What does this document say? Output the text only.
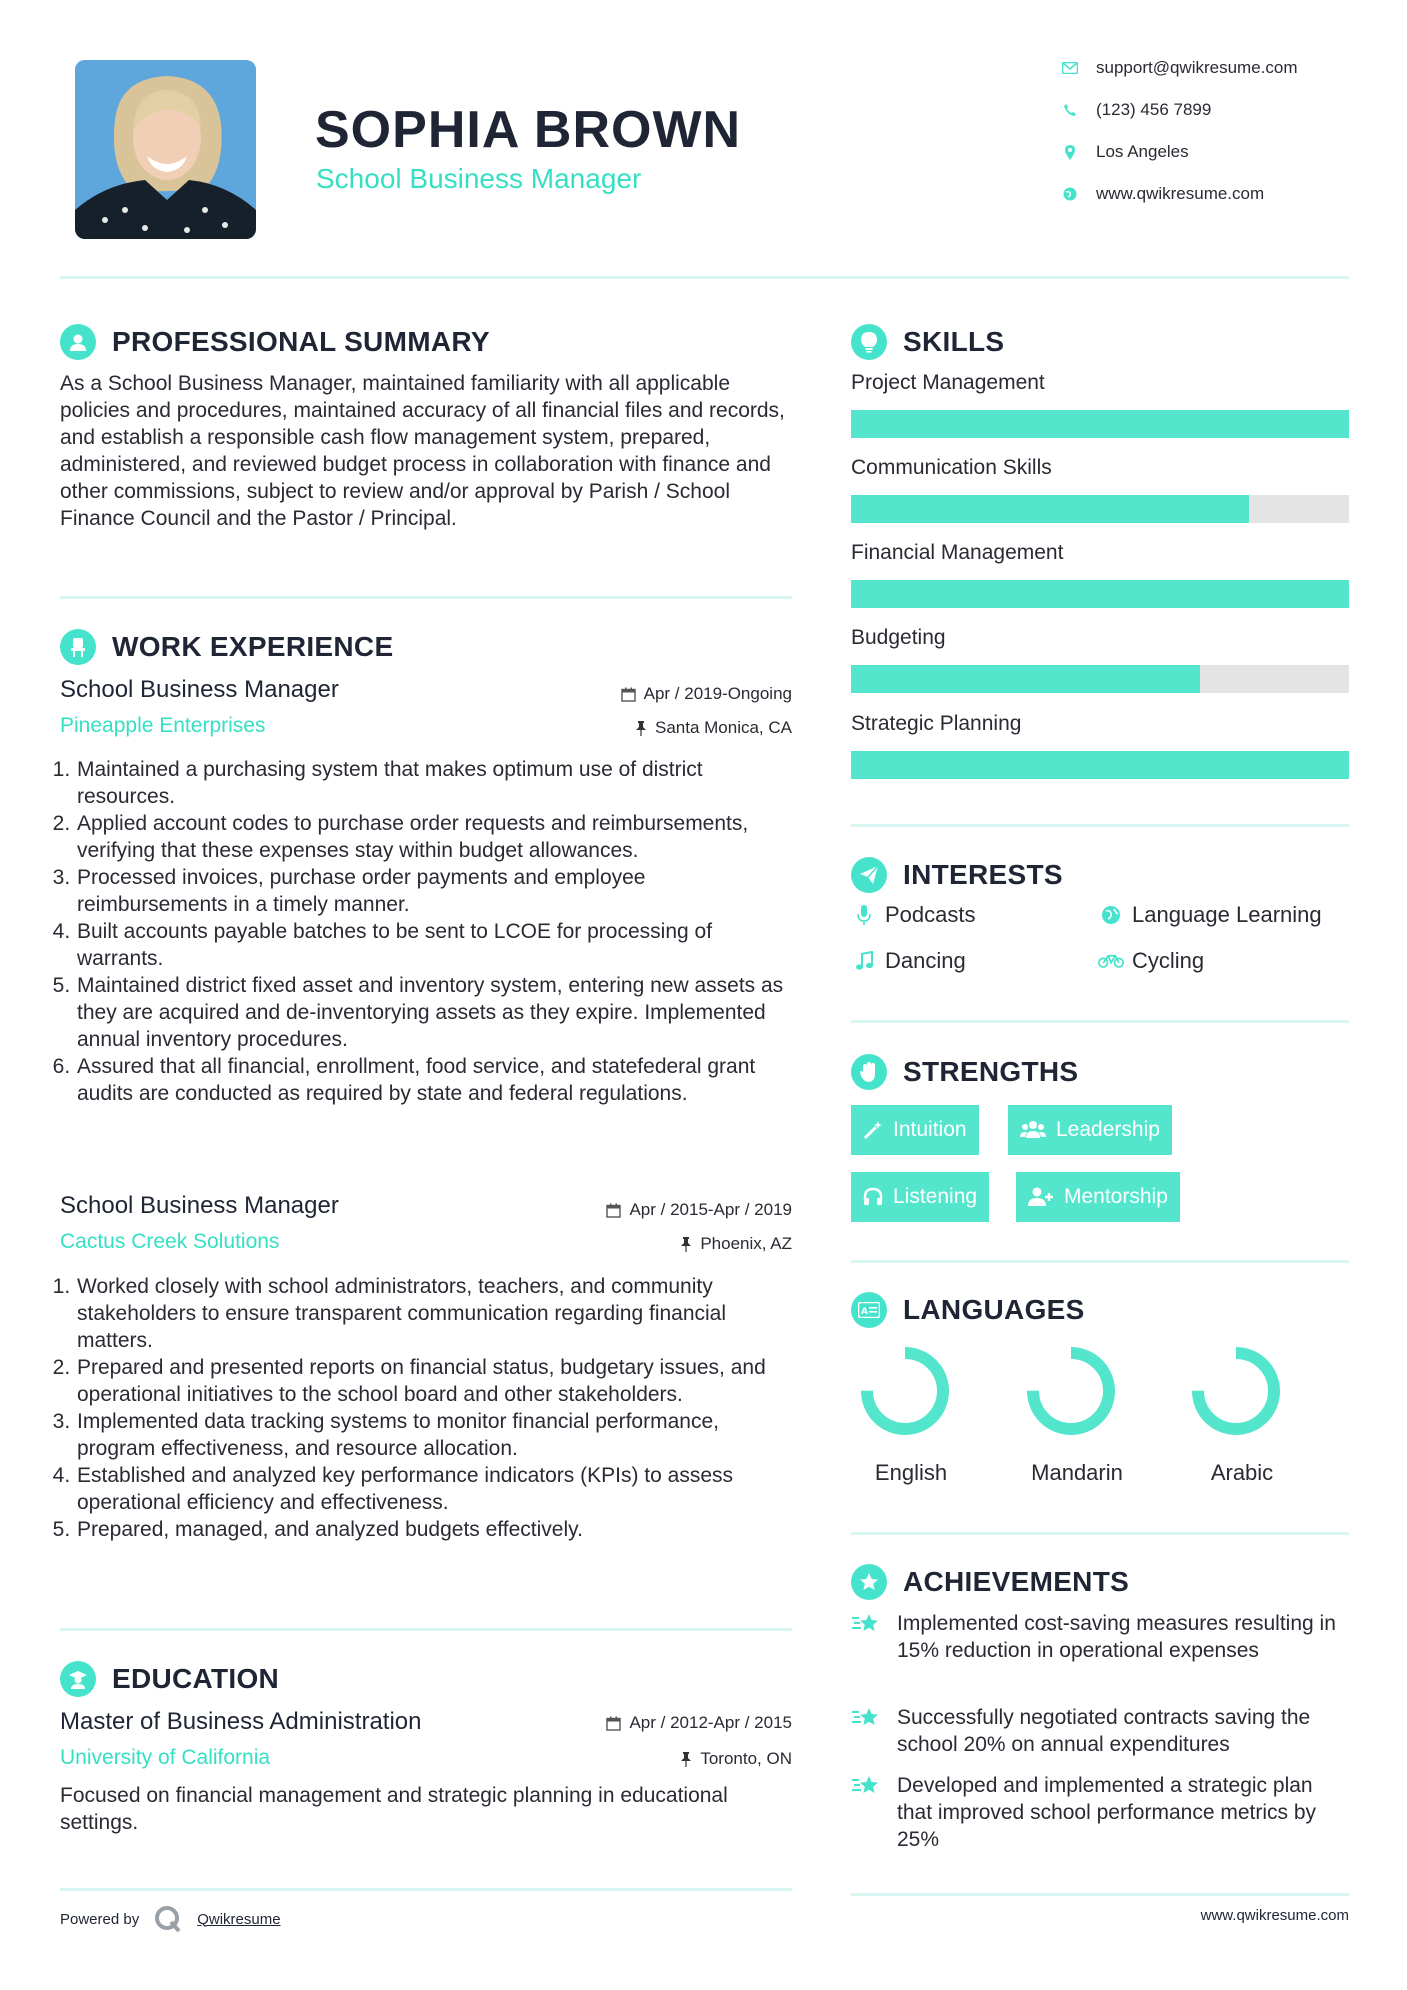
SOPHIA BROWN
School Business Manager
support@qwikresume.com
(123) 456 7899
Los Angeles
www.qwikresume.com
PROFESSIONAL SUMMARY
As a School Business Manager, maintained familiarity with all applicable policies and procedures, maintained accuracy of all financial files and records, and establish a responsible cash flow management system, prepared, administered, and reviewed budget process in collaboration with finance and other commissions, subject to review and/or approval by Parish / School Finance Council and the Pastor / Principal.
WORK EXPERIENCE
School Business Manager	Apr / 2019-Ongoing
Pineapple Enterprises	Santa Monica, CA
1. Maintained a purchasing system that makes optimum use of district resources.
2. Applied account codes to purchase order requests and reimbursements, verifying that these expenses stay within budget allowances.
3. Processed invoices, purchase order payments and employee reimbursements in a timely manner.
4. Built accounts payable batches to be sent to LCOE for processing of warrants.
5. Maintained district fixed asset and inventory system, entering new assets as they are acquired and de-inventorying assets as they expire. Implemented annual inventory procedures.
6. Assured that all financial, enrollment, food service, and statefederal grant audits are conducted as required by state and federal regulations.
School Business Manager	Apr / 2015-Apr / 2019
Cactus Creek Solutions	Phoenix, AZ
1. Worked closely with school administrators, teachers, and community stakeholders to ensure transparent communication regarding financial matters.
2. Prepared and presented reports on financial status, budgetary issues, and operational initiatives to the school board and other stakeholders.
3. Implemented data tracking systems to monitor financial performance, program effectiveness, and resource allocation.
4. Established and analyzed key performance indicators (KPIs) to assess operational efficiency and effectiveness.
5. Prepared, managed, and analyzed budgets effectively.
EDUCATION
Master of Business Administration	Apr / 2012-Apr / 2015
University of California	Toronto, ON
Focused on financial management and strategic planning in educational settings.
Powered by	Qwikresume
SKILLS
Project Management
Communication Skills
Financial Management
Budgeting
Strategic Planning
INTERESTS
Podcasts	Language Learning
Dancing	Cycling
STRENGTHS
Intuition	Leadership
Listening	Mentorship
A LANGUAGES
English	Mandarin	Arabic
ACHIEVEMENTS
Implemented cost-saving measures resulting in 15% reduction in operational expenses
Successfully negotiated contracts saving the school 20% on annual expenditures
Developed and implemented a strategic plan that improved school performance metrics by 25%
www.qwikresume.com
